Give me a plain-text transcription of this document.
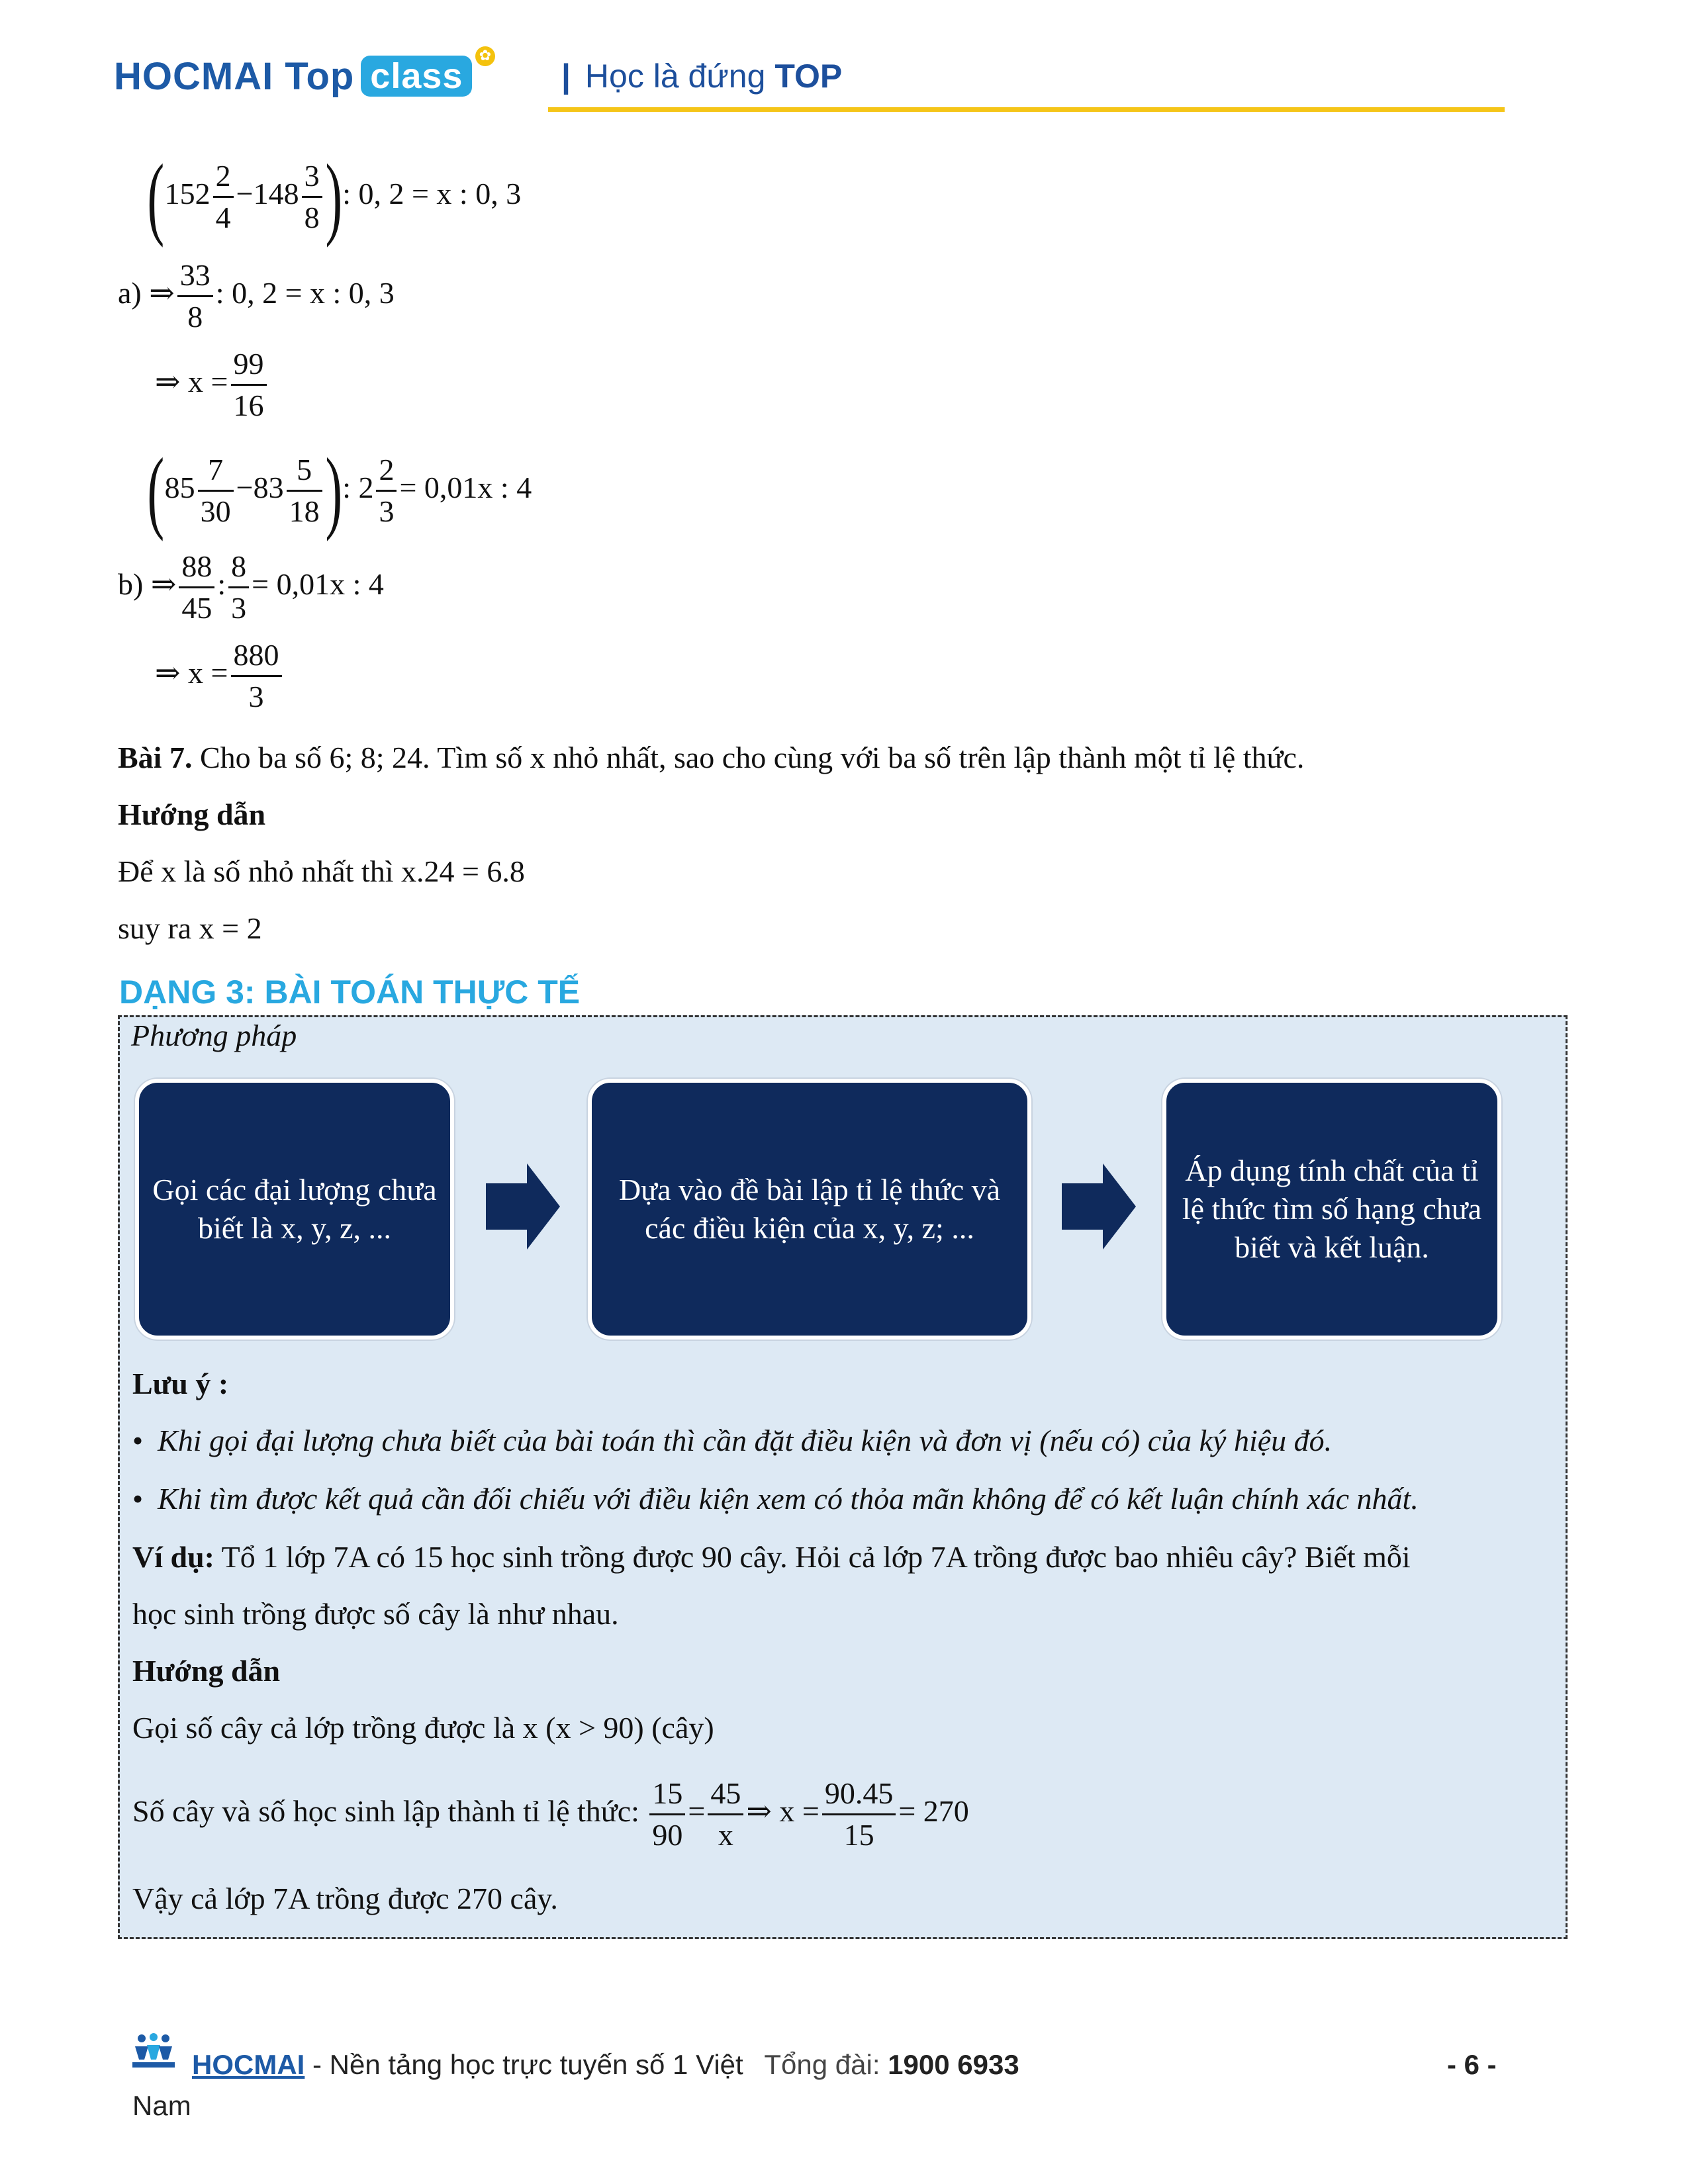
HOCMAI Top class
✿
| Học là đứng TOP
($152 \frac{2}{4} -148 \frac{3}{8}$ ): 0, 2 = x : 0, 3
a) ⇒ $\frac{33}{8}$ : 0, 2 = x : 0, 3
⇒ $x = \frac{99}{16}$
($85 \frac{7}{30} -83 \frac{5}{18}$ ): $2 \frac{2}{3} = 0,01x$ : 4
b) ⇒ $\frac{88}{45}$ : $\frac{8}{3} = 0,01x$ : 4
⇒ $x = \frac{880}{3}$
Bài 7. Cho ba số 6; 8; 24. Tìm số x nhỏ nhất, sao cho cùng với ba số trên lập thành một tỉ lệ thức.
Hướng dẫn
Để x là số nhỏ nhất thì x.24 = 6.8
suy ra x = 2
DẠNG 3: BÀI TOÁN THỰC TẾ
Phương pháp
Gọi các đại lượng chưa biết là x, y, z, ...
Dựa vào đề bài lập tỉ lệ thức và các điều kiện của x, y, z; ...
Áp dụng tính chất của tỉ lệ thức tìm số hạng chưa biết và kết luận.
Lưu ý :
• Khi gọi đại lượng chưa biết của bài toán thì cần đặt điều kiện và đơn vị (nếu có) của ký hiệu đó.
• Khi tìm được kết quả cần đối chiếu với điều kiện xem có thỏa mãn không để có kết luận chính xác nhất.
Ví dụ: Tổ 1 lớp 7A có 15 học sinh trồng được 90 cây. Hỏi cả lớp 7A trồng được bao nhiêu cây? Biết mỗi
học sinh trồng được số cây là như nhau.
Hướng dẫn
Gọi số cây cả lớp trồng được là x (x > 90) (cây)
Số cây và số học sinh lập thành tỉ lệ thức: $\frac{15}{90} = \frac{45}{x}$ ⇒ $x = \frac{90.45}{15} = 270$
Vậy cả lớp 7A trồng được 270 cây.
HOCMAI - Nền tảng học trực tuyến số 1 Việt Tổng đài: 1900 6933
Nam
- 6 -
